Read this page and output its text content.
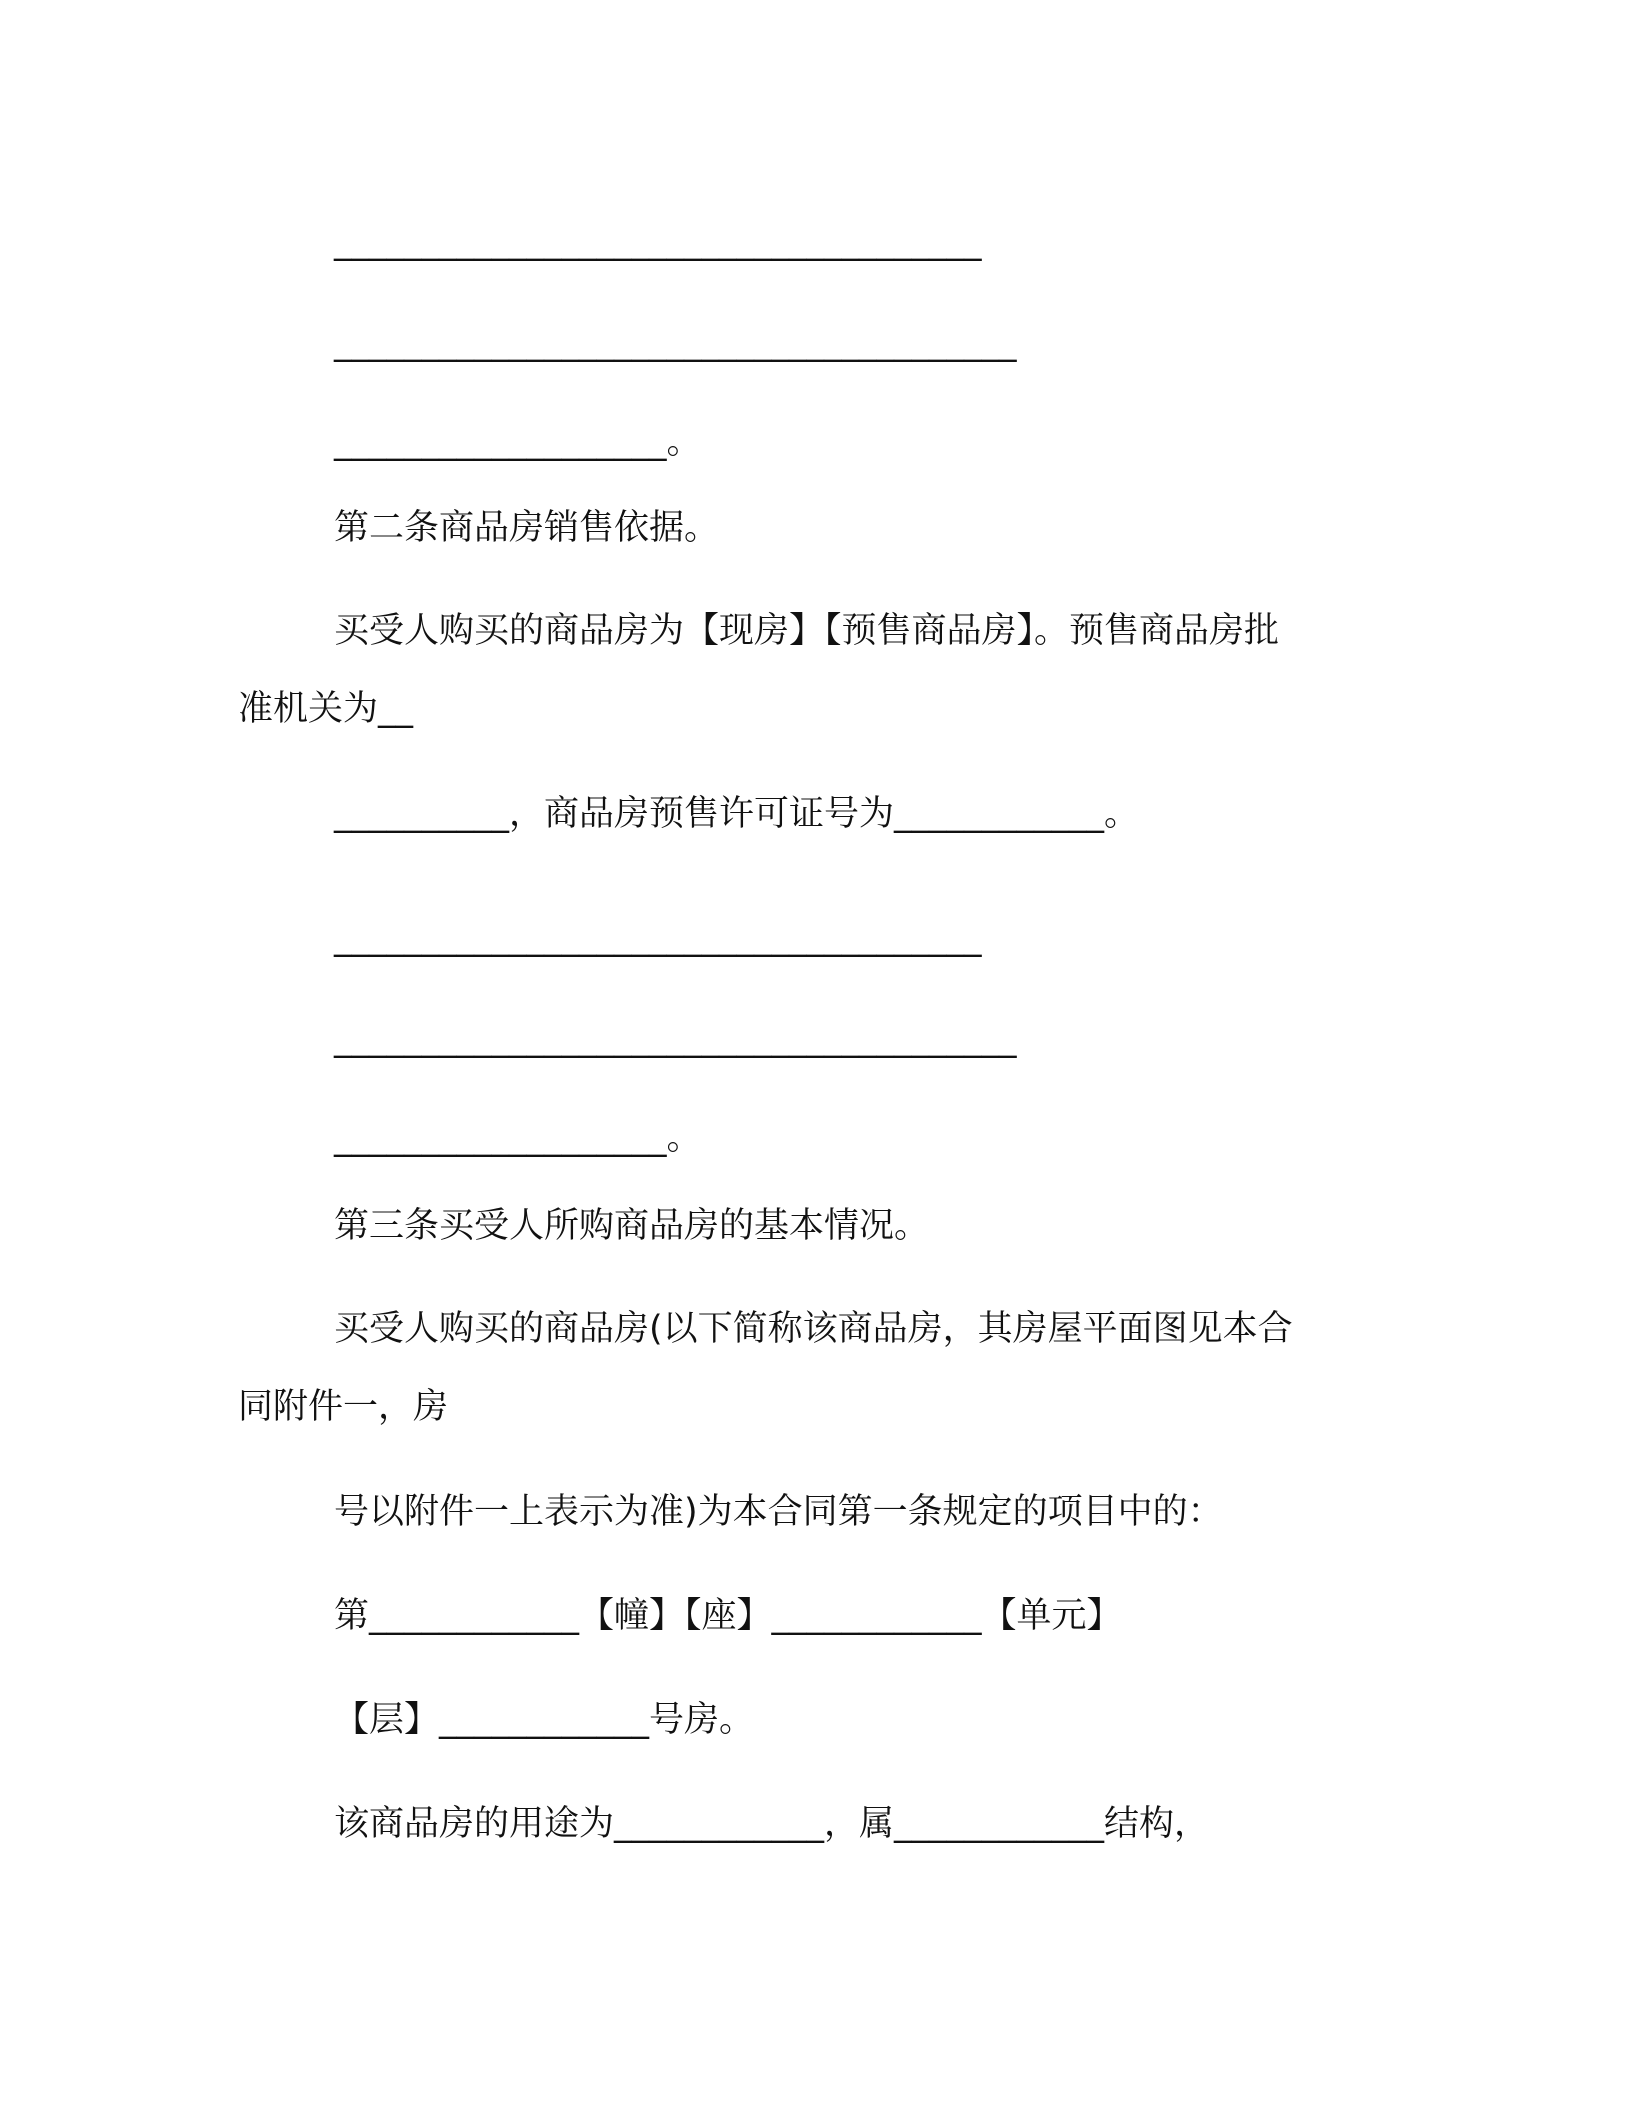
_____________________________________
_______________________________________
___________________。
第二条商品房销售依据。
买受人购买的商品房为【现房】【预售商品房】。预售商品房批
准机关为__
__________，商品房预售许可证号为____________。
_____________________________________
_______________________________________
___________________。
第三条买受人所购商品房的基本情况。
买受人购买的商品房(以下简称该商品房，其房屋平面图见本合
同附件一，房
号以附件一上表示为准)为本合同第一条规定的项目中的：
第____________【幢】【座】____________【单元】
【层】____________号房。
该商品房的用途为____________，属____________结构，
